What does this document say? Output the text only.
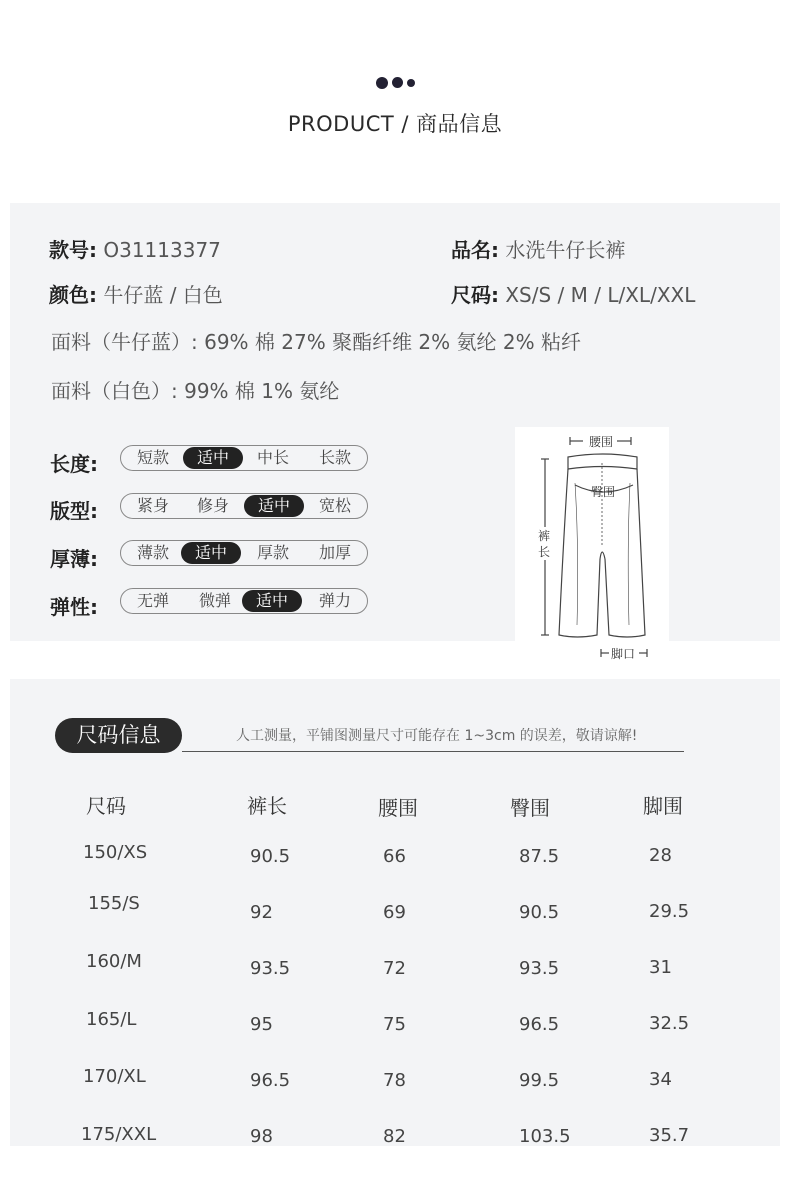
PRODUCT / 商品信息
款号: O31113377	品名: 水洗牛仔长裤
颜色: 牛仔蓝 / 白色	尺码: XS/S / M / L/XL/XXL
面料（牛仔蓝）: 69% 棉 27% 聚酯纤维 2% 氨纶 2% 粘纤
面料（白色）: 99% 棉 1% 氨纶
长度:	短款	适中	中长	长款
版型:	紧身	修身	适中	宽松
厚薄:	薄款	适中	厚款	加厚
弹性:	无弹	微弹	适中	弹力
腰围
臀围
裤
长
脚口
尺码信息	人工测量，平铺图测量尺寸可能存在 1~3cm 的误差，敬请谅解!
尺码	裤长	腰围	臀围	脚围
150/XS	90.5	66	87.5	28
155/S	92	69	90.5	29.5
160/M	93.5	72	93.5	31
165/L	95	75	96.5	32.5
170/XL	96.5	78	99.5	34
175/XXL	98	82	103.5	35.7
